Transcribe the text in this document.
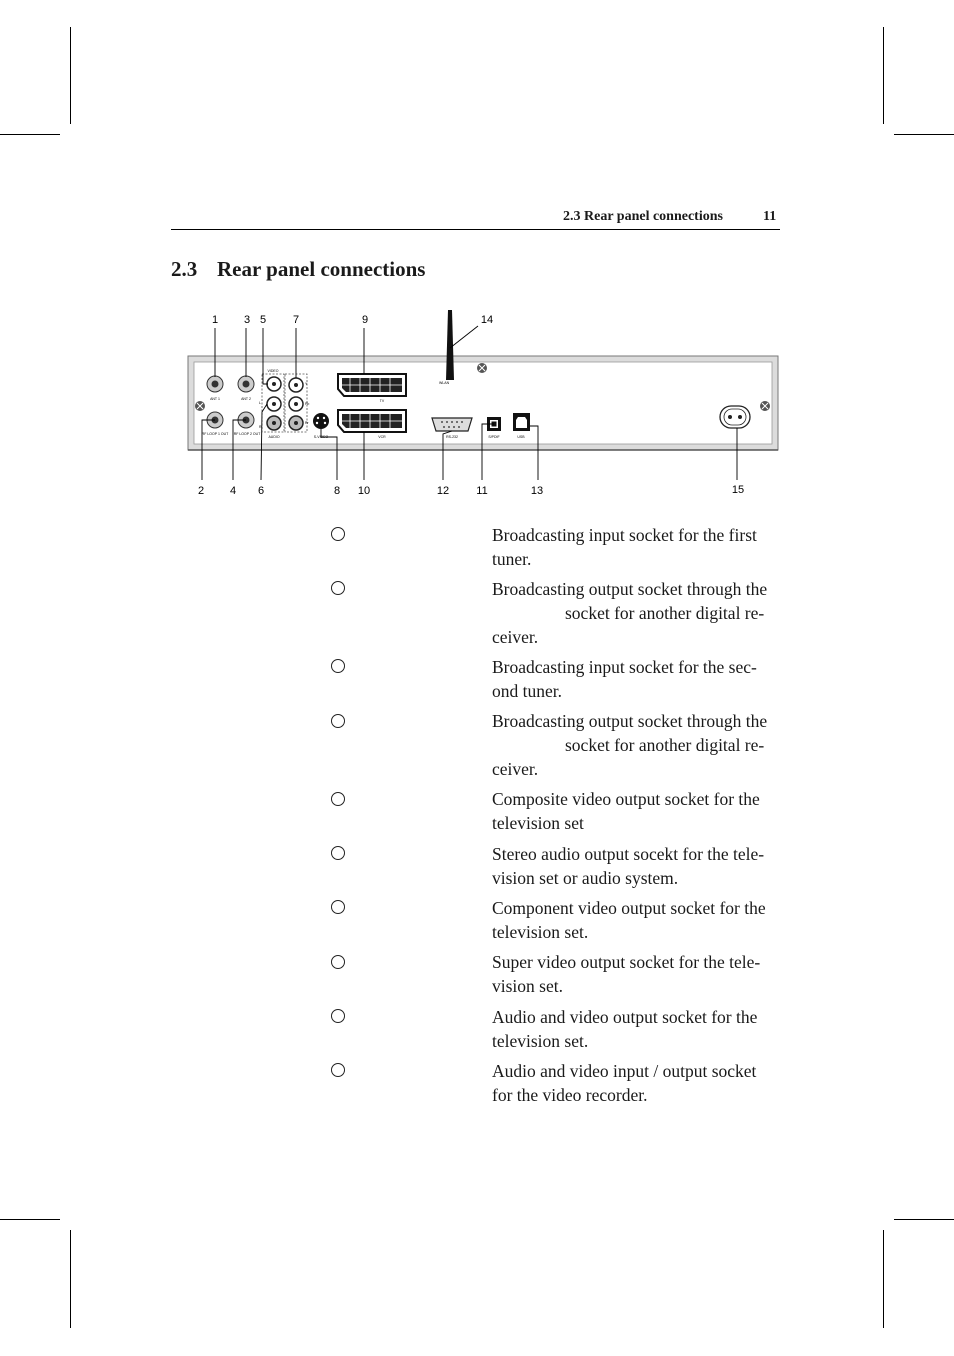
2.3 Rear panel connections	11
2.3 Rear panel connections
ANT 1	ANT 2
RF LOOP 1 OUT RF LOOP 2 OUT
VIDEO
AUDIO
L
R
Y
Pb
Pr
S-VIDEO
TV
VCR
WLAN
RS-232	S/PDIF	USB
1
2
3
4
5
6
7
8
9
10	11
12	13
14
15
Broadcasting input socket for the first
tuner.
Broadcasting output socket through the
socket for another digital re-
ceiver.
Broadcasting input socket for the sec-
ond tuner.
Broadcasting output socket through the
socket for another digital re-
ceiver.
Composite video output socket for the
television set
Stereo audio output socekt for the tele-
vision set or audio system.
Component video output socket for the
television set.
Super video output socket for the tele-
vision set.
Audio and video output socket for the
television set.
Audio and video input / output socket
for the video recorder.
